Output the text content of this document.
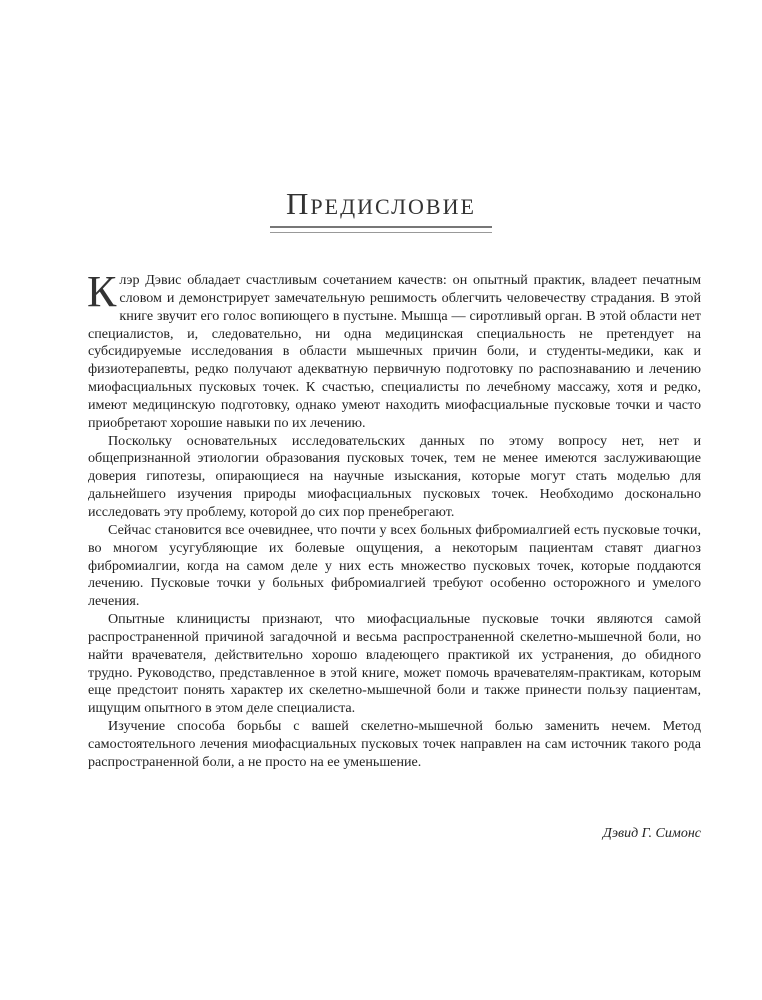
Предисловие

Клэр Дэвис обладает счастливым сочетанием качеств: он опытный практик, владеет печатным словом и демонстрирует замечательную решимость облегчить человечеству страдания. В этой книге звучит его голос вопиющего в пустыне. Мышца — сиротливый орган. В этой области нет специалистов, и, следовательно, ни одна медицинская специальность не претендует на субсидируемые исследования в области мышечных причин боли, и студенты-медики, как и физиотерапевты, редко получают адекватную первичную подготовку по распознаванию и лечению миофасциальных пусковых точек. К счастью, специалисты по лечебному массажу, хотя и редко, имеют медицинскую подготовку, однако умеют находить миофасциальные пусковые точки и часто приобретают хорошие навыки по их лечению.

Поскольку основательных исследовательских данных по этому вопросу нет, нет и общепризнанной этиологии образования пусковых точек, тем не менее имеются заслуживающие доверия гипотезы, опирающиеся на научные изыскания, которые могут стать моделью для дальнейшего изучения природы миофасциальных пусковых точек. Необходимо досконально исследовать эту проблему, которой до сих пор пренебрегают.

Сейчас становится все очевиднее, что почти у всех больных фибромиалгией есть пусковые точки, во многом усугубляющие их болевые ощущения, а некоторым пациентам ставят диагноз фибромиалгии, когда на самом деле у них есть множество пусковых точек, которые поддаются лечению. Пусковые точки у больных фибромиалгией требуют особенно осторожного и умелого лечения.

Опытные клиницисты признают, что миофасциальные пусковые точки являются самой распространенной причиной загадочной и весьма распространенной скелетно-мышечной боли, но найти врачевателя, действительно хорошо владеющего практикой их устранения, до обидного трудно. Руководство, представленное в этой книге, может помочь врачевателям-практикам, которым еще предстоит понять характер их скелетно-мышечной боли и также принести пользу пациентам, ищущим опытного в этом деле специалиста.

Изучение способа борьбы с вашей скелетно-мышечной болью заменить нечем. Метод самостоятельного лечения миофасциальных пусковых точек направлен на сам источник такого рода распространенной боли, а не просто на ее уменьшение.

Дэвид Г. Симонс
